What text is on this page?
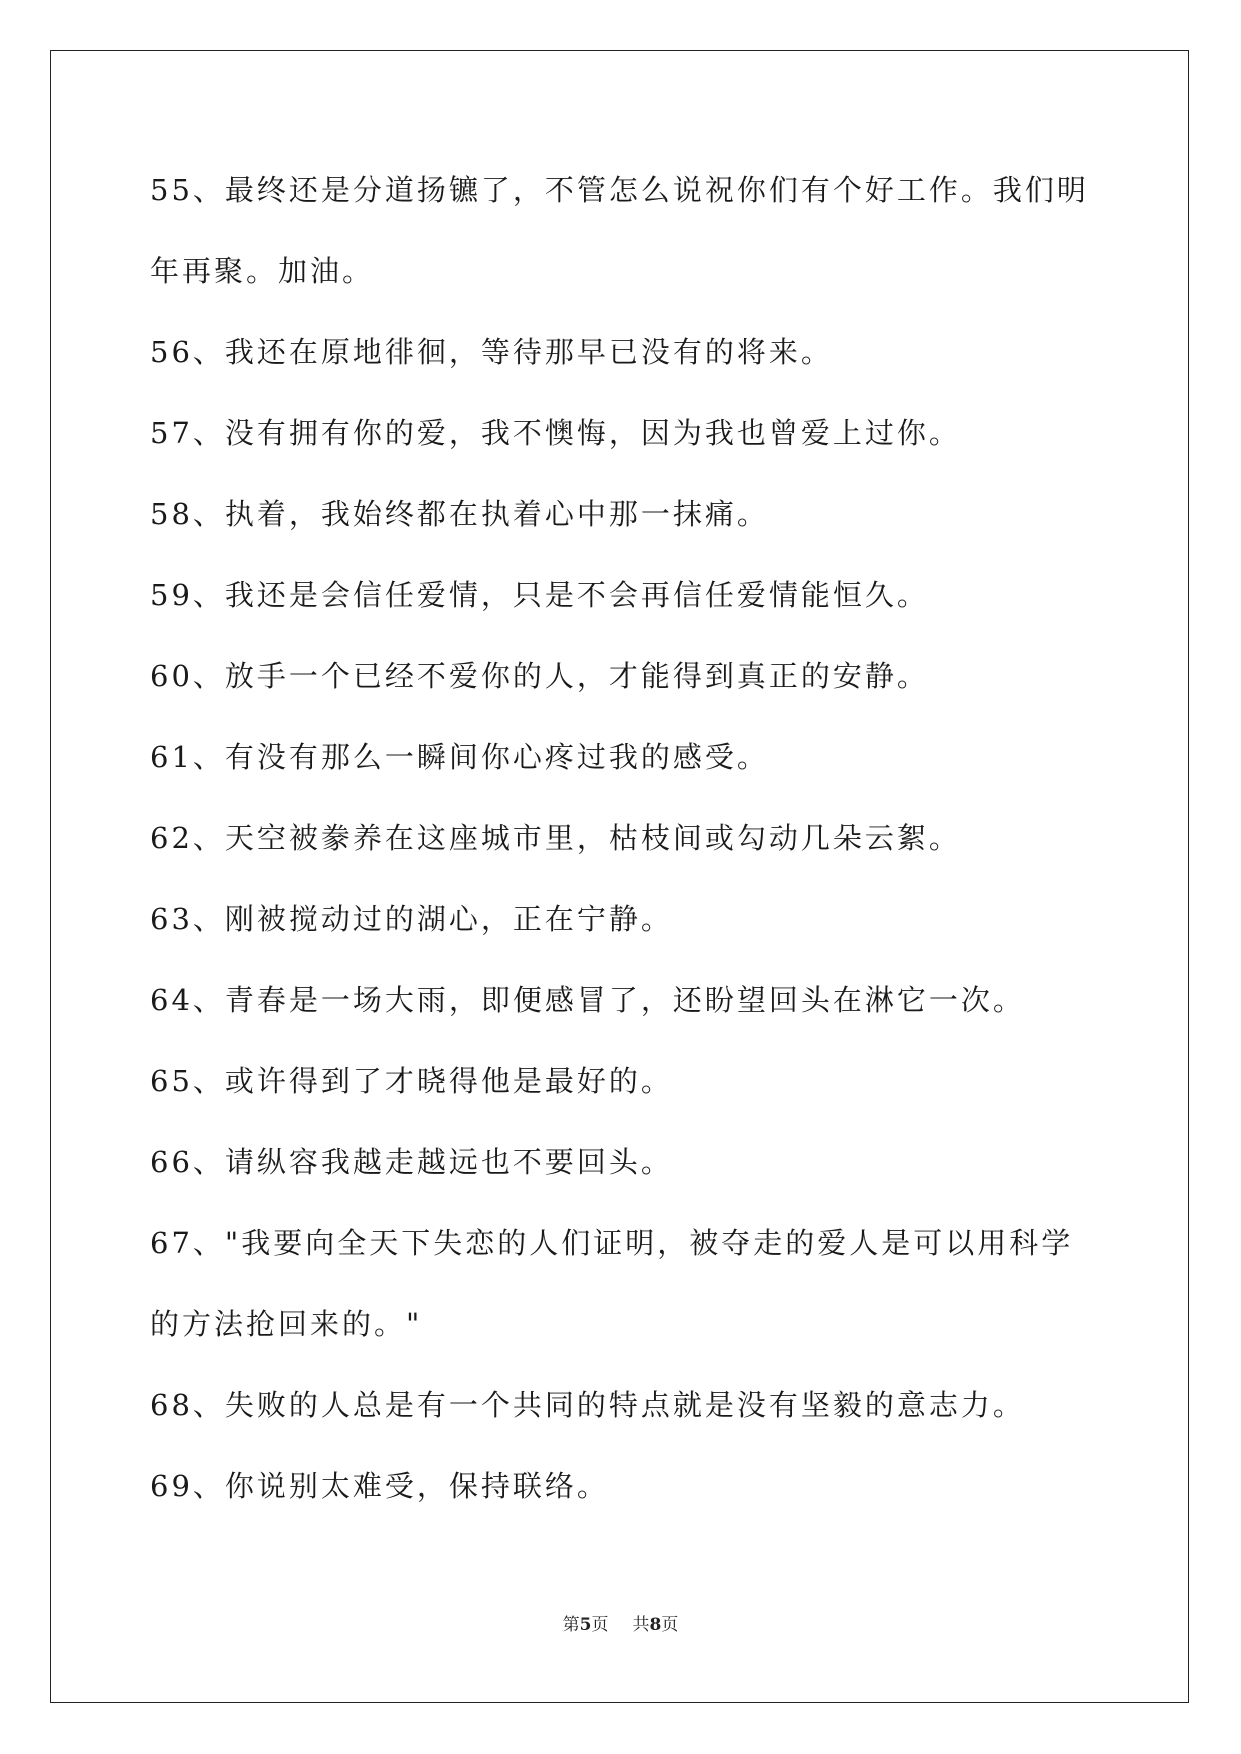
55、最终还是分道扬镳了，不管怎么说祝你们有个好工作。我们明年再聚。加油。

56、我还在原地徘徊，等待那早已没有的将来。

57、没有拥有你的爱，我不懊悔，因为我也曾爱上过你。

58、执着，我始终都在执着心中那一抹痛。

59、我还是会信任爱情，只是不会再信任爱情能恒久。

60、放手一个已经不爱你的人，才能得到真正的安静。

61、有没有那么一瞬间你心疼过我的感受。

62、天空被豢养在这座城市里，枯枝间或勾动几朵云絮。

63、刚被搅动过的湖心，正在宁静。

64、青春是一场大雨，即便感冒了，还盼望回头在淋它一次。

65、或许得到了才晓得他是最好的。

66、请纵容我越走越远也不要回头。

67、"我要向全天下失恋的人们证明，被夺走的爱人是可以用科学的方法抢回来的。"

68、失败的人总是有一个共同的特点就是没有坚毅的意志力。

69、你说别太难受，保持联络。

第5页 共8页
